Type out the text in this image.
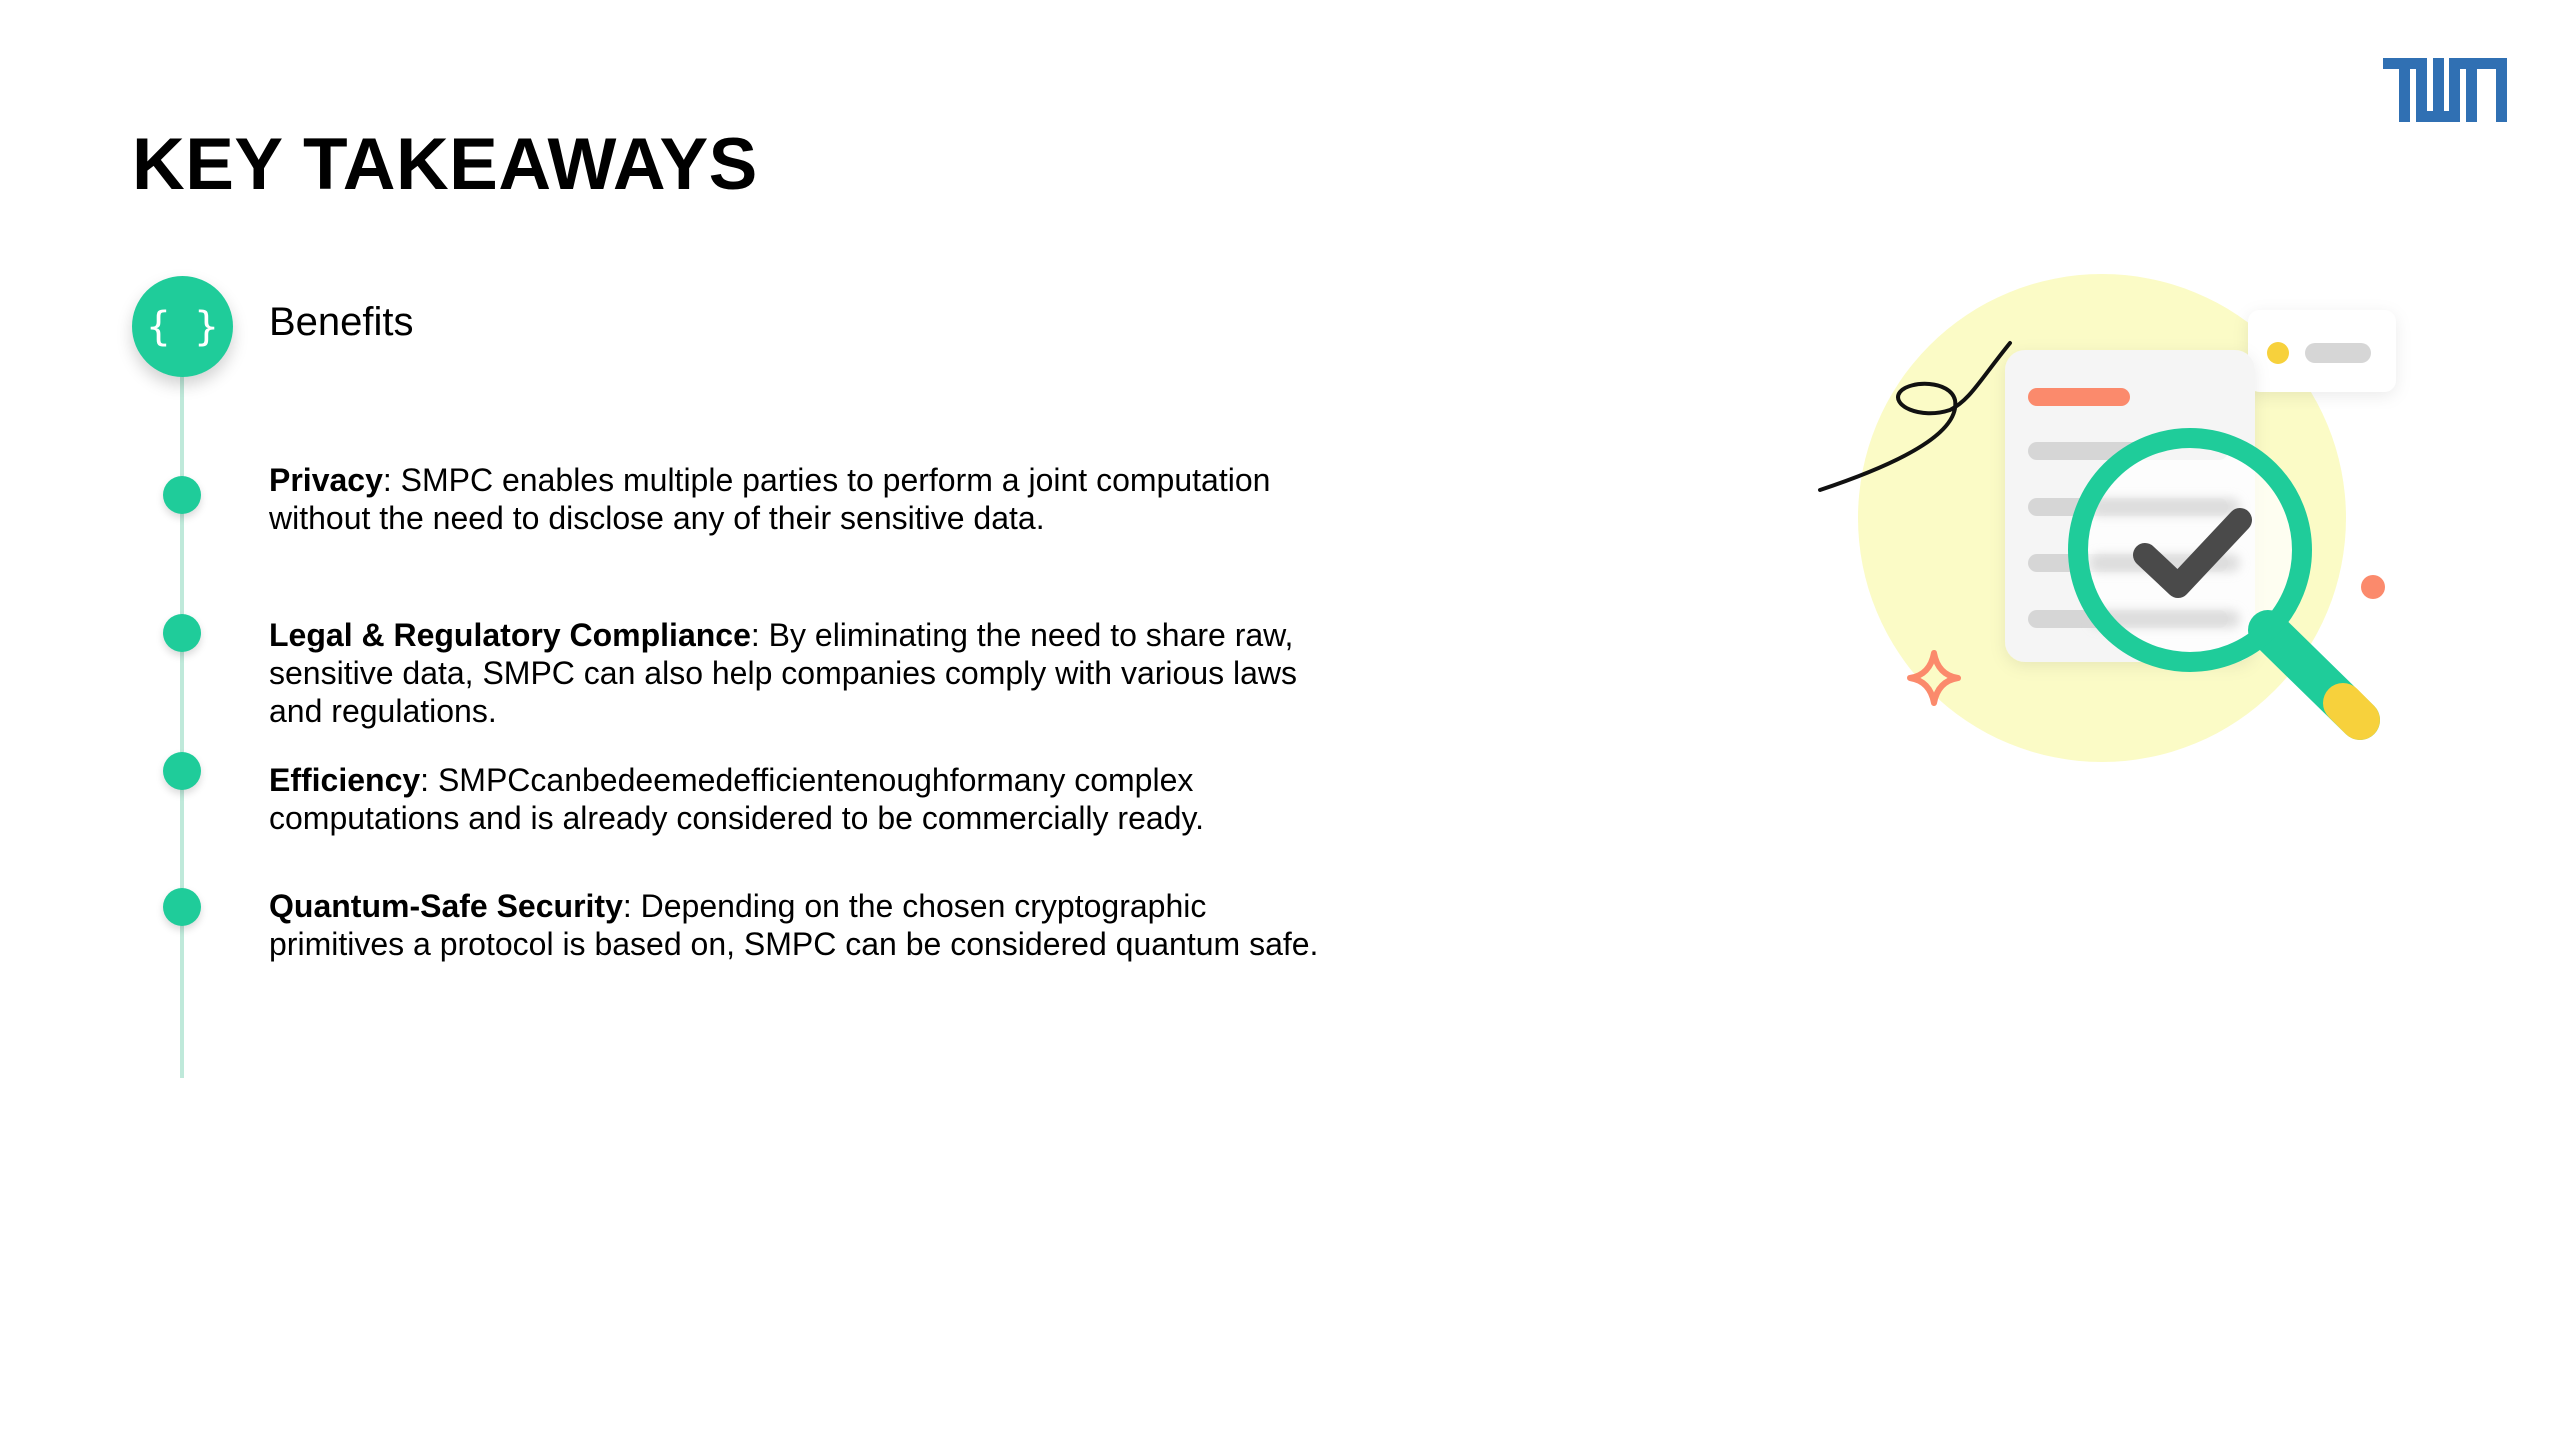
KEY TAKEAWAYS
{ }	Benefits
Privacy: SMPC enables multiple parties to perform a joint computation without the need to disclose any of their sensitive data.
Legal & Regulatory Compliance: By eliminating the need to share raw, sensitive data, SMPC can also help companies comply with various laws and regulations.
Efficiency: SMPCcanbedeemedefficientenoughformany complex computations and is already considered to be commercially ready.
Quantum-Safe Security: Depending on the chosen cryptographic primitives a protocol is based on, SMPC can be considered quantum safe.
